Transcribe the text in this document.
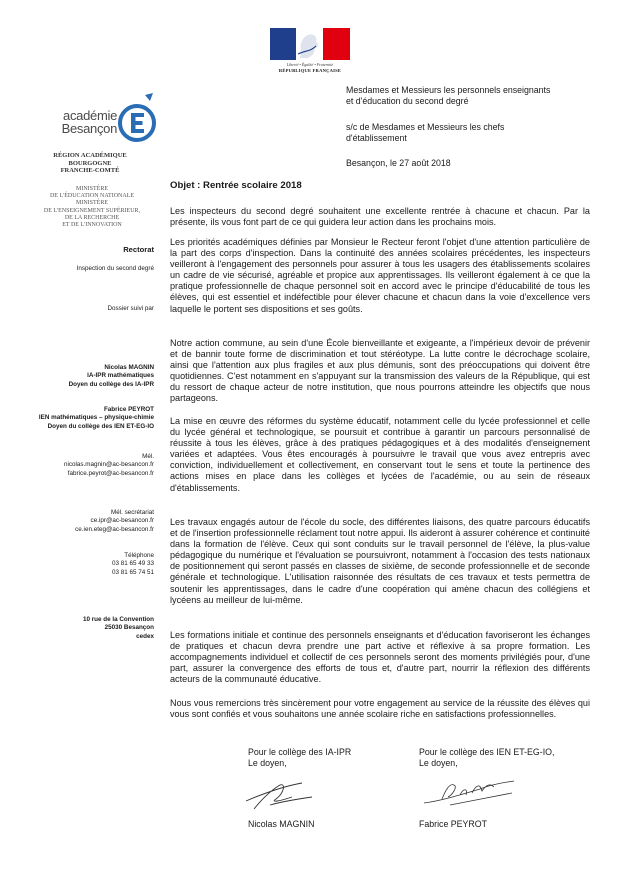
Liberté • Égalité • Fraternité
RÉPUBLIQUE FRANÇAISE
académie
Besançon
RÉGION ACADÉMIQUE
BOURGOGNE
FRANCHE-COMTÉ
MINISTÈRE
DE L'ÉDUCATION NATIONALE
MINISTÈRE
DE L'ENSEIGNEMENT SUPÉRIEUR,
DE LA RECHERCHE
ET DE L'INNOVATION
Rectorat
Inspection du second degré
Dossier suivi par
Nicolas MAGNIN
IA-IPR mathématiques
Doyen du collège des IA-IPR
Fabrice PEYROT
IEN mathématiques – physique-chimie
Doyen du collège des IEN ET-EG-IO
Mél.
nicolas.magnin@ac-besancon.fr
fabrice.peyrot@ac-besancon.fr
Mél. secrétariat
ce.ipr@ac-besancon.fr
ce.ien.eteg@ac-besancon.fr
Téléphone
03 81 65 49 33
03 81 65 74 51
10 rue de la Convention
25030 Besançon
cedex
Mesdames et Messieurs les personnels enseignants
et d'éducation du second degré
s/c de Mesdames et Messieurs les chefs
d'établissement
Besançon, le 27 août 2018
Objet : Rentrée scolaire 2018

Les inspecteurs du second degré souhaitent une excellente rentrée à chacune et chacun. Par la présente, ils vous font part de ce qui guidera leur action dans les prochains mois.

Les priorités académiques définies par Monsieur le Recteur feront l'objet d'une attention particulière de la part des corps d'inspection. Dans la continuité des années scolaires précédentes, les inspecteurs veilleront à l'engagement des personnels pour assurer à tous les usagers des établissements scolaires un cadre de vie sécurisé, agréable et propice aux apprentissages. Ils veilleront également à ce que la pratique professionnelle de chaque personnel soit en accord avec le principe d'éducabilité de tous les élèves, qui est essentiel et indéfectible pour élever chacune et chacun dans la voie d'excellence vers laquelle le portent ses dispositions et ses goûts.

Notre action commune, au sein d'une École bienveillante et exigeante, a l'impérieux devoir de prévenir et de bannir toute forme de discrimination et tout stéréotype. La lutte contre le décrochage scolaire, ainsi que l'attention aux plus fragiles et aux plus démunis, sont des préoccupations qui doivent être quotidiennes. C'est notamment en s'appuyant sur la transmission des valeurs de la République, qui est du ressort de chaque acteur de notre institution, que nous pourrons atteindre les objectifs que nous partageons.

La mise en œuvre des réformes du système éducatif, notamment celle du lycée professionnel et celle du lycée général et technologique, se poursuit et contribue à garantir un parcours personnalisé de réussite à tous les élèves, grâce à des pratiques pédagogiques et à des modalités d'enseignement variées et adaptées. Vous êtes encouragés à poursuivre le travail que vous avez entrepris avec conviction, individuellement et collectivement, en conservant tout le sens et toute la pertinence des actions mises en place dans les collèges et lycées de l'académie, ou au sein de réseaux d'établissements.

Les travaux engagés autour de l'école du socle, des différentes liaisons, des quatre parcours éducatifs et de l'insertion professionnelle réclament tout notre appui. Ils aideront à assurer cohérence et continuité dans la formation de l'élève. Ceux qui sont conduits sur le travail personnel de l'élève, la plus-value pédagogique du numérique et l'évaluation se poursuivront, notamment à l'occasion des tests nationaux de positionnement qui seront passés en classes de sixième, de seconde professionnelle et de seconde générale et technologique. L'utilisation raisonnée des résultats de ces travaux et tests permettra de soutenir les apprentissages, dans le cadre d'une coopération qui amène chacun des collégiens et lycéens au meilleur de lui-même.

Les formations initiale et continue des personnels enseignants et d'éducation favoriseront les échanges de pratiques et chacun devra prendre une part active et réflexive à sa propre formation. Les accompagnements individuel et collectif de ces personnels seront des moments privilégiés pour, d'une part, assurer la convergence des efforts de tous et, d'autre part, nourrir la réflexion des différents acteurs de la communauté éducative.

Nous vous remercions très sincèrement pour votre engagement au service de la réussite des élèves qui vous sont confiés et vous souhaitons une année scolaire riche en satisfactions professionnelles.

Pour le collège des IA-IPR
Le doyen,
Nicolas MAGNIN
Pour le collège des IEN ET-EG-IO,
Le doyen,
Fabrice PEYROT
